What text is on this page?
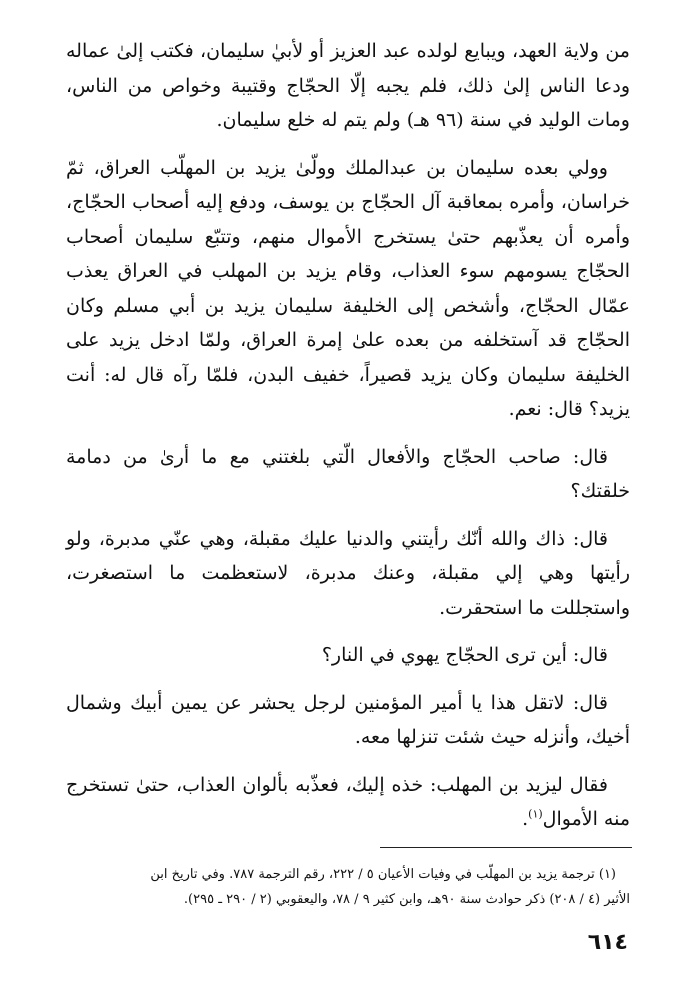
من ولاية العهد، ويبايع لولده عبد العزيز أو لأبيٰ سليمان، فكتب إلىٰ عماله ودعا الناس إلىٰ ذلك، فلم يجبه إلّا الحجّاج وقتيبة وخواص من الناس، ومات الوليد في سنة (٩٦ هـ) ولم يتم له خلع سليمان.

وولي بعده سليمان بن عبدالملك وولّىٰ يزيد بن المهلّب العراق، ثمّ خراسان، وأمره بمعاقبة آل الحجّاج بن يوسف، ودفع إليه أصحاب الحجّاج، وأمره أن يعذّبهم حتىٰ يستخرج الأموال منهم، وتتبّع سليمان أصحاب الحجّاج يسومهم سوء العذاب، وقام يزيد بن المهلب في العراق يعذب عمّال الحجّاج، وأشخص إلى الخليفة سليمان يزيد بن أبي مسلم وكان الحجّاج قد آستخلفه من بعده علىٰ إمرة العراق، ولمّا ادخل يزيد على الخليفة سليمان وكان يزيد قصيراً، خفيف البدن، فلمّا رآه قال له: أنت يزيد؟ قال: نعم.

قال: صاحب الحجّاج والأفعال الّتي بلغتني مع ما أرىٰ من دمامة خلقتك؟

قال: ذاك والله أنّك رأيتني والدنيا عليك مقبلة، وهي عنّي مدبرة، ولو رأيتها وهي إلي مقبلة، وعنك مدبرة، لاستعظمت ما استصغرت، واستجللت ما استحقرت.

قال: أين ترى الحجّاج يهوي في النار؟

قال: لاتقل هذا يا أمير المؤمنين لرجل يحشر عن يمين أبيك وشمال أخيك، وأنزله حيث شئت تنزلها معه.

فقال ليزيد بن المهلب: خذه إليك، فعذّبه بألوان العذاب، حتىٰ تستخرج منه الأموال$^{(١)}$.

(١) ترجمة يزيد بن المهلّب في وفيات الأعيان ٥ / ٢٢٢، رقم الترجمة ٧٨٧. وفي تاريخ ابن
الأثير (٤ / ٢٠٨) ذكر حوادث سنة ٩٠هـ، وابن كثير ٩ / ٧٨، واليعقوبي (٢ / ٢٩٠ ـ ٢٩٥).
٦١٤
